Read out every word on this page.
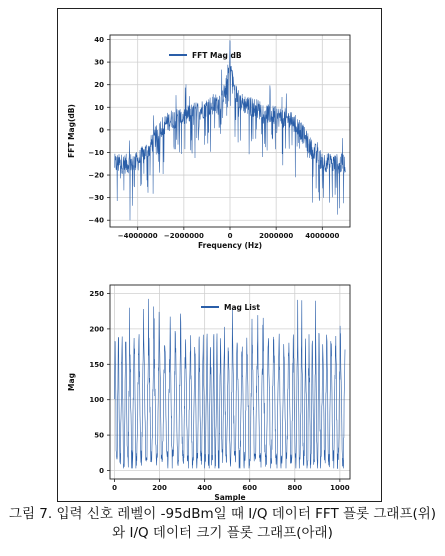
−4000000 −2000000	0	2000000 4000000
40
30
20
10
0
−10
−20
−30
−40
Frequency (Hz)
FFT Mag(dB)
FFT Mag dB
0	200	400	600	800	1000
0
50
100
150
200
250
Sample
Mag
Mag List
그림 7. 입력 신호 레벨이 -95dBm일 때 I/Q 데이터 FFT 플롯 그래프(위)
와 I/Q 데이터 크기 플롯 그래프(아래)
